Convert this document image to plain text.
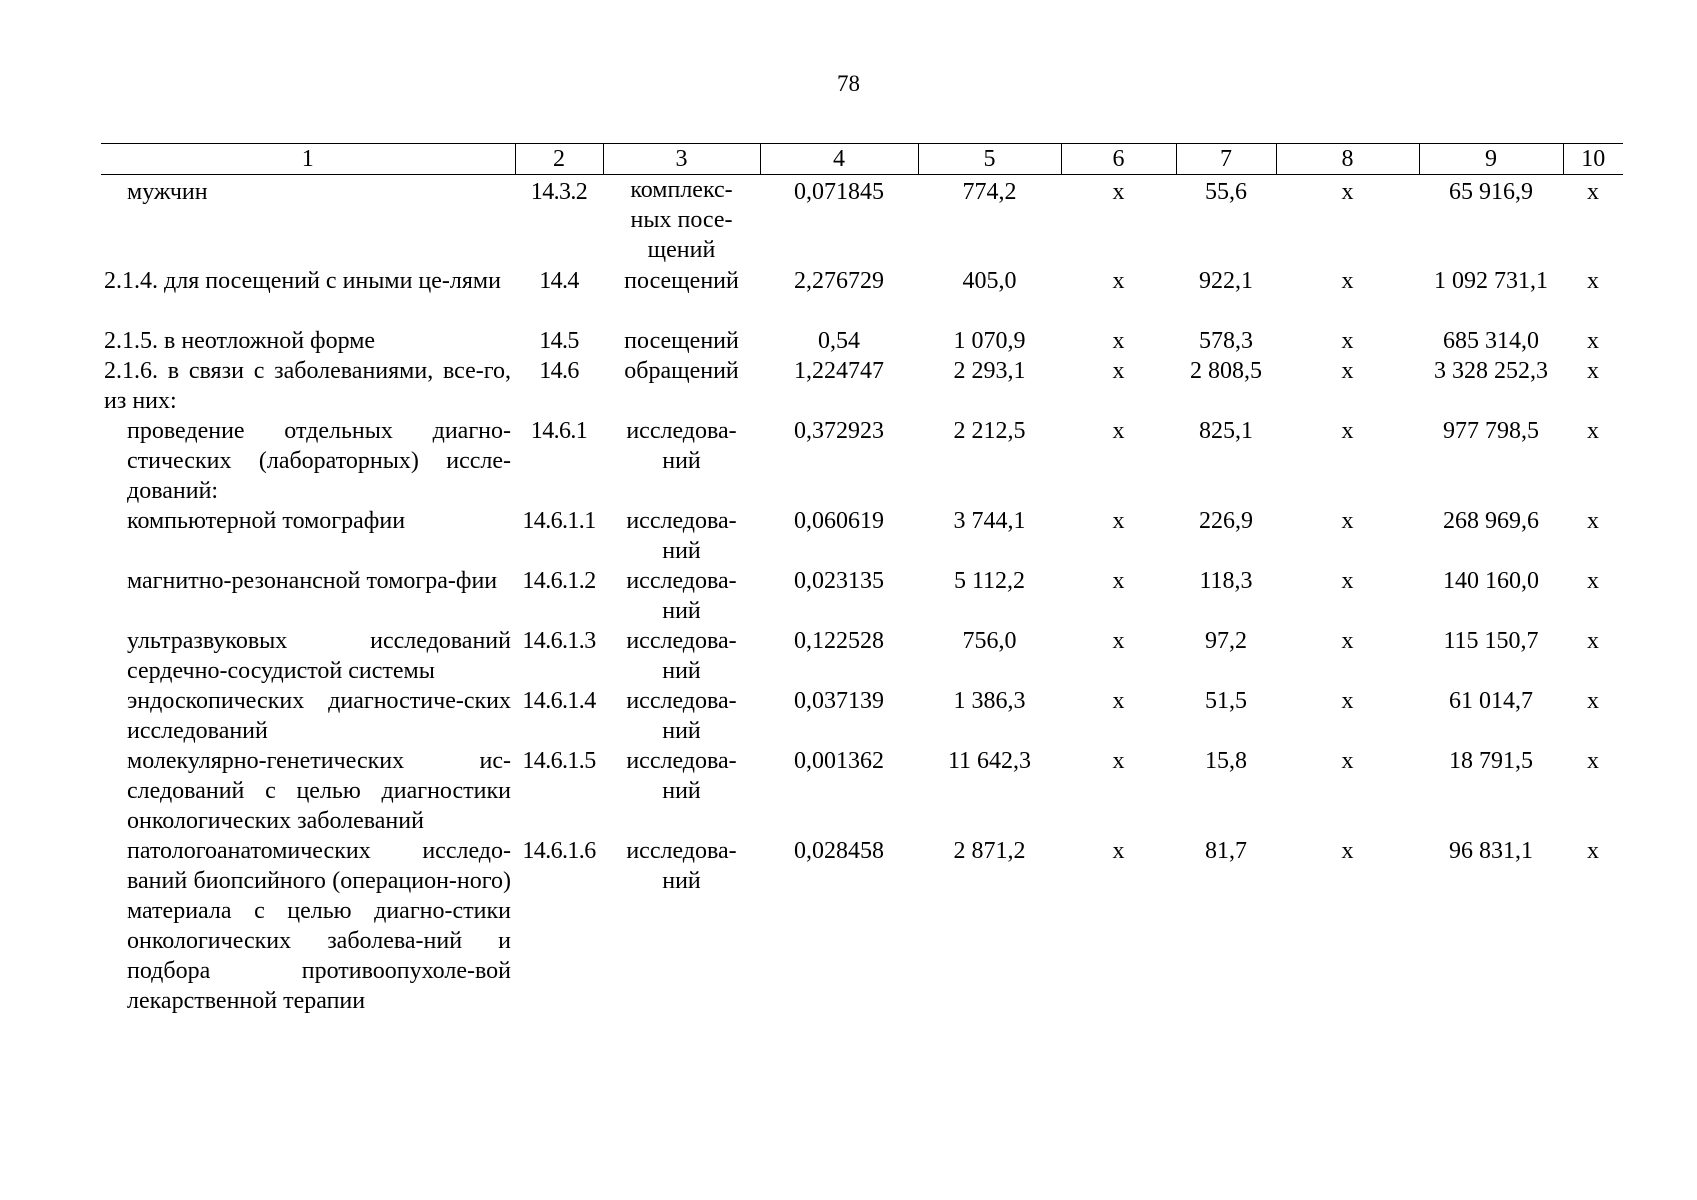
78
1	2	3	4	5	6	7	8	9	10
мужчин	14.3.2	комплекс-ных посе-щений	0,071845	774,2	х	55,6	х	65 916,9	х
2.1.4. для посещений с иными це-лями	14.4	посещений	2,276729	405,0	х	922,1	х	1 092 731,1	х
2.1.5. в неотложной форме	14.5	посещений	0,54	1 070,9	х	578,3	х	685 314,0	х
2.1.6. в связи с заболеваниями, все-го, из них:	14.6	обращений	1,224747	2 293,1	х	2 808,5	х	3 328 252,3	х
проведение отдельных диагно-стических (лабораторных) иссле-дований:	14.6.1	исследова-ний	0,372923	2 212,5	х	825,1	х	977 798,5	х
компьютерной томографии	14.6.1.1	исследова-ний	0,060619	3 744,1	х	226,9	х	268 969,6	х
магнитно-резонансной томогра-фии	14.6.1.2	исследова-ний	0,023135	5 112,2	х	118,3	х	140 160,0	х
ультразвуковых исследований сердечно-сосудистой системы	14.6.1.3	исследова-ний	0,122528	756,0	х	97,2	х	115 150,7	х
эндоскопических диагностиче-ских исследований	14.6.1.4	исследова-ний	0,037139	1 386,3	х	51,5	х	61 014,7	х
молекулярно-генетических ис-следований с целью диагностики онкологических заболеваний	14.6.1.5	исследова-ний	0,001362	11 642,3	х	15,8	х	18 791,5	х
патологоанатомических исследо-ваний биопсийного (операцион-ного) материала с целью диагно-стики онкологических заболева-ний и подбора противоопухоле-вой лекарственной терапии	14.6.1.6	исследова-ний	0,028458	2 871,2	х	81,7	х	96 831,1	х
